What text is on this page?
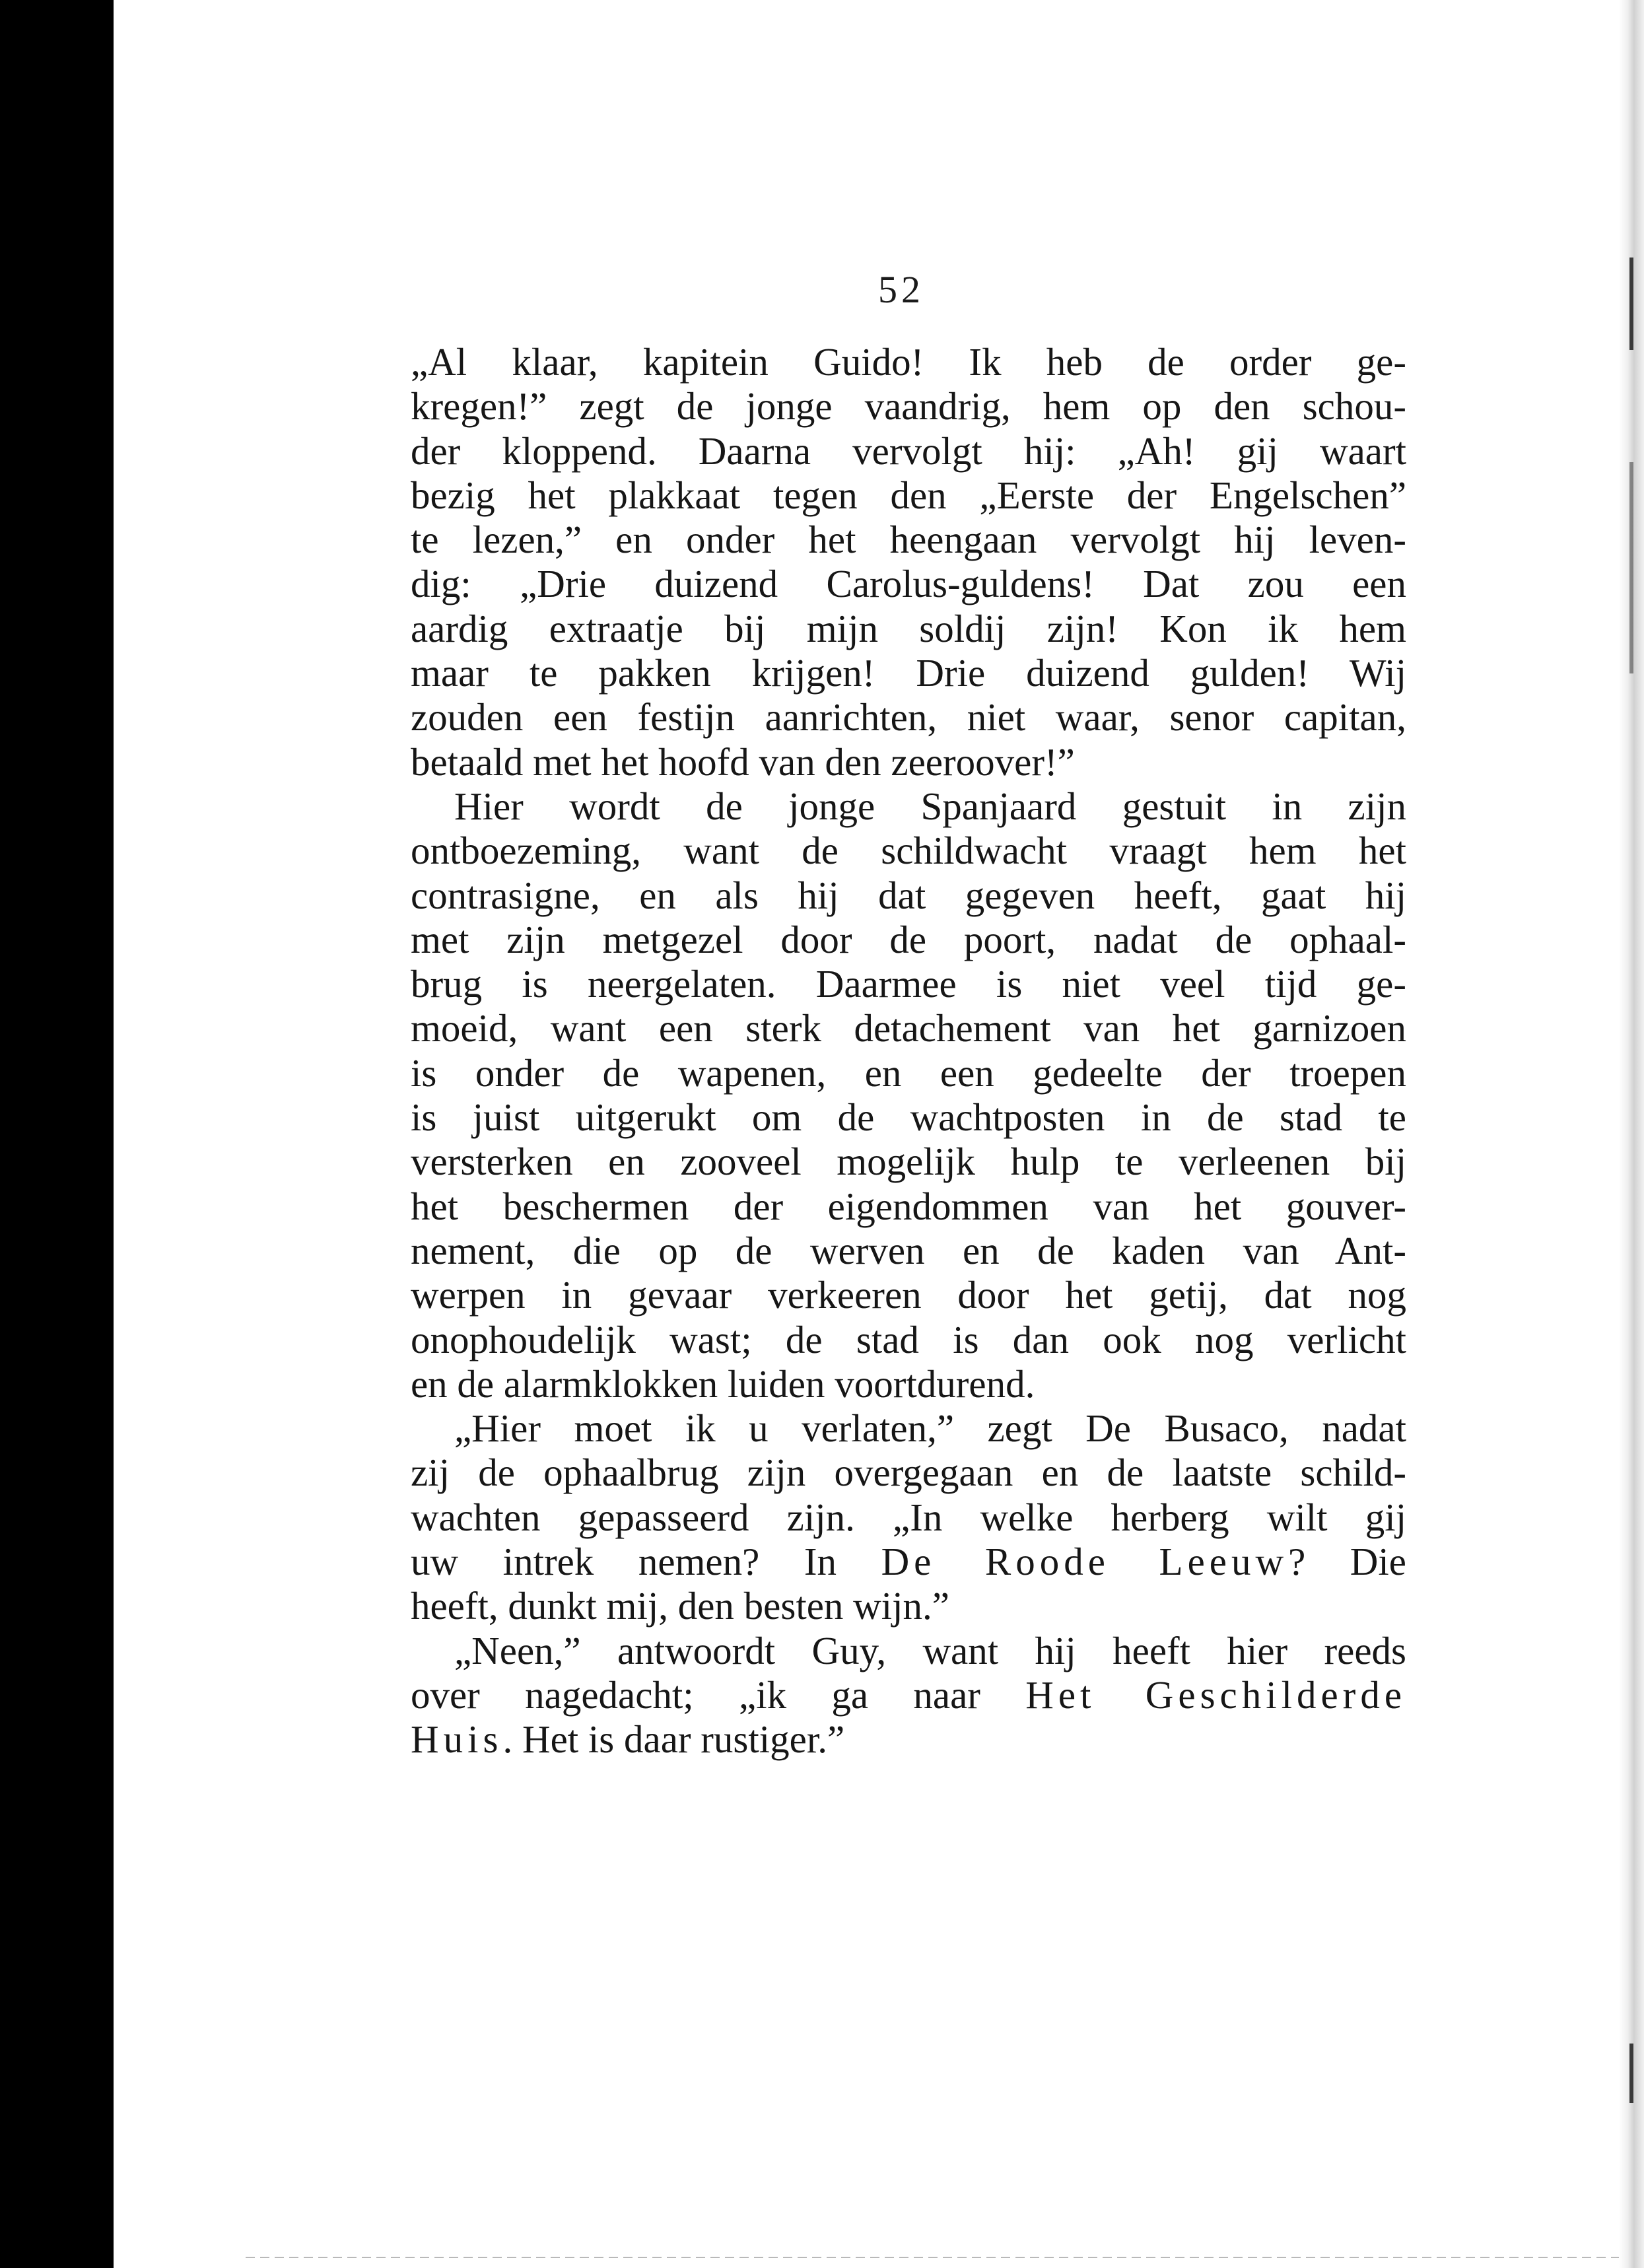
52
„Al klaar, kapitein Guido! Ik heb de order ge-
kregen!” zegt de jonge vaandrig, hem op den schou-
der kloppend. Daarna vervolgt hij: „Ah! gij waart
bezig het plakkaat tegen den „Eerste der Engelschen”
te lezen,” en onder het heengaan vervolgt hij leven-
dig: „Drie duizend Carolus-guldens! Dat zou een
aardig extraatje bij mijn soldij zijn! Kon ik hem
maar te pakken krijgen! Drie duizend gulden! Wij
zouden een festijn aanrichten, niet waar, senor capitan,
betaald met het hoofd van den zeeroover!”
Hier wordt de jonge Spanjaard gestuit in zijn
ontboezeming, want de schildwacht vraagt hem het
contrasigne, en als hij dat gegeven heeft, gaat hij
met zijn metgezel door de poort, nadat de ophaal-
brug is neergelaten. Daarmee is niet veel tijd ge-
moeid, want een sterk detachement van het garnizoen
is onder de wapenen, en een gedeelte der troepen
is juist uitgerukt om de wachtposten in de stad te
versterken en zooveel mogelijk hulp te verleenen bij
het beschermen der eigendommen van het gouver-
nement, die op de werven en de kaden van Ant-
werpen in gevaar verkeeren door het getij, dat nog
onophoudelijk wast; de stad is dan ook nog verlicht
en de alarmklokken luiden voortdurend.
„Hier moet ik u verlaten,” zegt De Busaco, nadat
zij de ophaalbrug zijn overgegaan en de laatste schild-
wachten gepasseerd zijn. „In welke herberg wilt gij
uw intrek nemen? In De Roode Leeuw? Die
heeft, dunkt mij, den besten wijn.”
„Neen,” antwoordt Guy, want hij heeft hier reeds
over nagedacht; „ik ga naar Het Geschilderde
Huis. Het is daar rustiger.”
